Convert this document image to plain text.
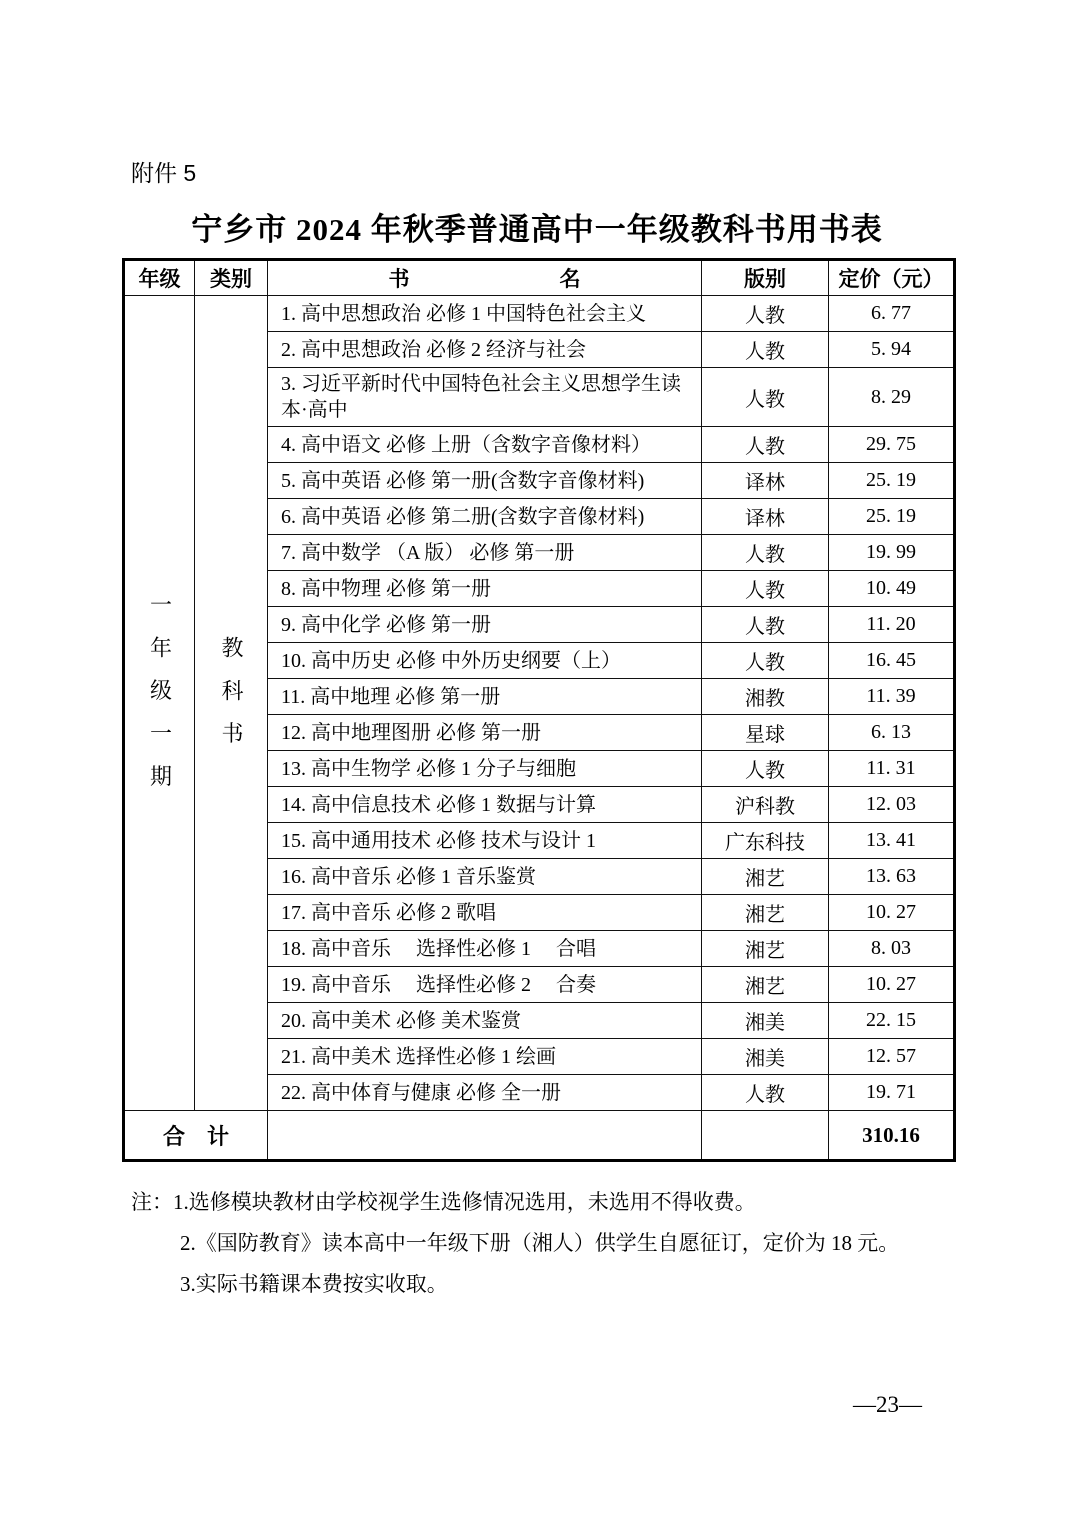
附件 5
宁乡市 2024 年秋季普通高中一年级教科书用书表
年级	类别	书 名	版别	定价（元）
一年级一期	教科书	1. 高中思想政治 必修 1 中国特色社会主义	人教	6. 77
		2. 高中思想政治 必修 2 经济与社会	人教	5. 94
		3. 习近平新时代中国特色社会主义思想学生读本·高中	人教	8. 29
		4. 高中语文 必修 上册（含数字音像材料）	人教	29. 75
		5. 高中英语 必修 第一册(含数字音像材料)	译林	25. 19
		6. 高中英语 必修 第二册(含数字音像材料)	译林	25. 19
		7. 高中数学 （A 版） 必修 第一册	人教	19. 99
		8. 高中物理 必修 第一册	人教	10. 49
		9. 高中化学 必修 第一册	人教	11. 20
		10. 高中历史 必修 中外历史纲要（上）	人教	16. 45
		11. 高中地理 必修 第一册	湘教	11. 39
		12. 高中地理图册 必修 第一册	星球	6. 13
		13. 高中生物学 必修 1 分子与细胞	人教	11. 31
		14. 高中信息技术 必修 1 数据与计算	沪科教	12. 03
		15. 高中通用技术 必修 技术与设计 1	广东科技	13. 41
		16. 高中音乐 必修 1 音乐鉴赏	湘艺	13. 63
		17. 高中音乐 必修 2 歌唱	湘艺	10. 27
		18. 高中音乐　 选择性必修 1 　合唱	湘艺	8. 03
		19. 高中音乐　 选择性必修 2 　合奏	湘艺	10. 27
		20. 高中美术 必修 美术鉴赏	湘美	22. 15
		21. 高中美术 选择性必修 1 绘画	湘美	12. 57
		22. 高中体育与健康 必修 全一册	人教	19. 71
合　计				310.16
注：1.选修模块教材由学校视学生选修情况选用，未选用不得收费。
2.《国防教育》读本高中一年级下册（湘人）供学生自愿征订，定价为 18 元。
3.实际书籍课本费按实收取。
—23—
